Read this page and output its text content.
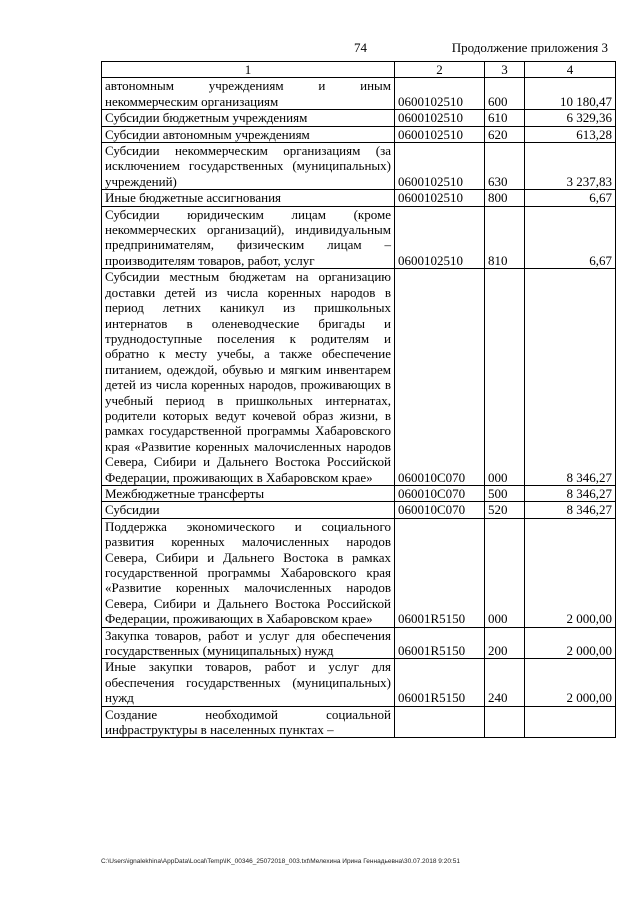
74	Продолжение приложения 3
1	2	3	4
автономным учреждениям и иным некоммерческим организациям	0600102510	600	10 180,47
Субсидии бюджетным учреждениям	0600102510	610	6 329,36
Субсидии автономным учреждениям	0600102510	620	613,28
Субсидии некоммерческим организациям (за исключением государственных (муниципальных) учреждений)	0600102510	630	3 237,83
Иные бюджетные ассигнования	0600102510	800	6,67
Субсидии юридическим лицам (кроме некоммерческих организаций), индивидуальным предпринимателям, физическим лицам – производителям товаров, работ, услуг	0600102510	810	6,67
Субсидии местным бюджетам на организацию доставки детей из числа коренных народов в период летних каникул из пришкольных интернатов в оленеводческие бригады и труднодоступные поселения к родителям и обратно к месту учебы, а также обеспечение питанием, одеждой, обувью и мягким инвентарем детей из числа коренных народов, проживающих в учебный период в пришкольных интернатах, родители которых ведут кочевой образ жизни, в рамках государственной программы Хабаровского края «Развитие коренных малочисленных народов Севера, Сибири и Дальнего Востока Российской Федерации, проживающих в Хабаровском крае»	060010С070	000	8 346,27
Межбюджетные трансферты	060010С070	500	8 346,27
Субсидии	060010С070	520	8 346,27
Поддержка экономического и социального развития коренных малочисленных народов Севера, Сибири и Дальнего Востока в рамках государственной программы Хабаровского края «Развитие коренных малочисленных народов Севера, Сибири и Дальнего Востока Российской Федерации, проживающих в Хабаровском крае»	06001R5150	000	2 000,00
Закупка товаров, работ и услуг для обеспечения государственных (муниципальных) нужд	06001R5150	200	2 000,00
Иные закупки товаров, работ и услуг для обеспечения государственных (муниципальных) нужд	06001R5150	240	2 000,00
Создание необходимой социальной инфраструктуры в населенных пунктах –			
C:\Users\ignalekhina\AppData\Local\Temp\IK_00346_25072018_003.txt\Мелехина Ирина Геннадьевна\30.07.2018 9:20:51
